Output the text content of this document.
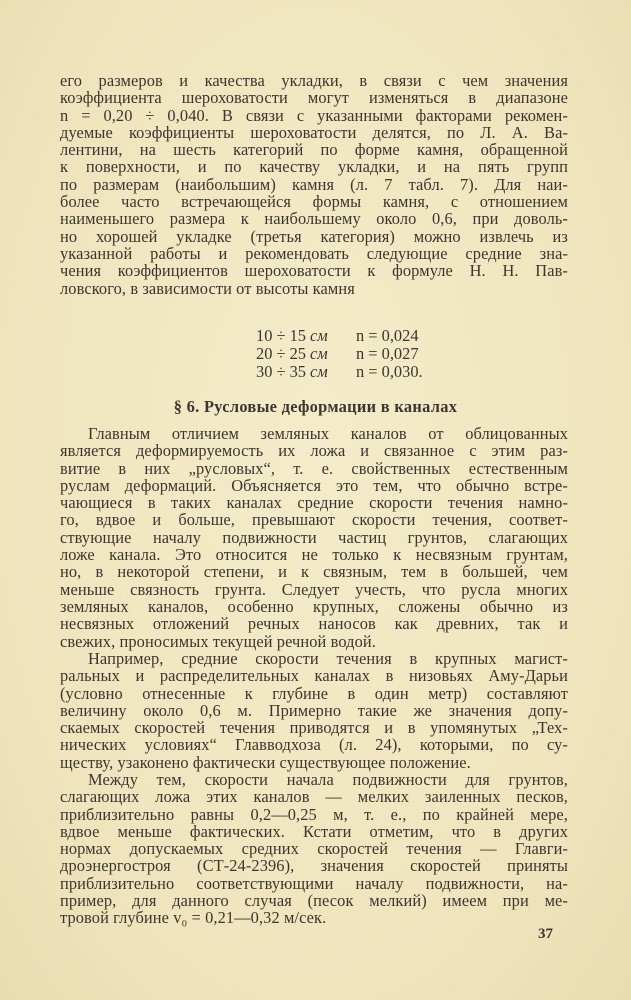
его размеров и качества укладки, в связи с чем значения
коэффициента шероховатости могут изменяться в диапазоне
n = 0,20 ÷ 0,040. В связи с указанными факторами рекомен-
дуемые коэффициенты шероховатости делятся, по Л. А. Ва-
лентини, на шесть категорий по форме камня, обращенной
к поверхности, и по качеству укладки, и на пять групп
по размерам (наибольшим) камня (л. 7 табл. 7). Для наи-
более часто встречающейся формы камня, с отношением
наименьшего размера к наибольшему около 0,6, при доволь-
но хорошей укладке (третья категория) можно извлечь из
указанной работы и рекомендовать следующие средние зна-
чения коэффициентов шероховатости к формуле Н. Н. Пав-
ловского, в зависимости от высоты камня
10 ÷ 15 см	n = 0,024
20 ÷ 25 см	n = 0,027
30 ÷ 35 см	n = 0,030.
§ 6. Русловые деформации в каналах
Главным отличием земляных каналов от облицованных
является деформируемость их ложа и связанное с этим раз-
витие в них „русловых“, т. е. свойственных естественным
руслам деформаций. Объясняется это тем, что обычно встре-
чающиеся в таких каналах средние скорости течения намно-
го, вдвое и больше, превышают скорости течения, соответ-
ствующие началу подвижности частиц грунтов, слагающих
ложе канала. Это относится не только к несвязным грунтам,
но, в некоторой степени, и к связным, тем в большей, чем
меньше связность грунта. Следует учесть, что русла многих
земляных каналов, особенно крупных, сложены обычно из
несвязных отложений речных наносов как древних, так и
свежих, проносимых текущей речной водой.
Например, средние скорости течения в крупных магист-
ральных и распределительных каналах в низовьях Аму-Дарьи
(условно отнесенные к глубине в один метр) составляют
величину около 0,6 м. Примерно такие же значения допу-
скаемых скоростей течения приводятся и в упомянутых „Тех-
нических условиях“ Главводхоза (л. 24), которыми, по су-
ществу, узаконено фактически существующее положение.
Между тем, скорости начала подвижности для грунтов,
слагающих ложа этих каналов — мелких заиленных песков,
приблизительно равны 0,2—0,25 м, т. е., по крайней мере,
вдвое меньше фактических. Кстати отметим, что в других
нормах допускаемых средних скоростей течения — Главги-
дроэнергостроя (СТ-24-2396), значения скоростей приняты
приблизительно соответствующими началу подвижности, на-
пример, для данного случая (песок мелкий) имеем при ме-
тровой глубине v₀ = 0,21—0,32 м/сек.
37
